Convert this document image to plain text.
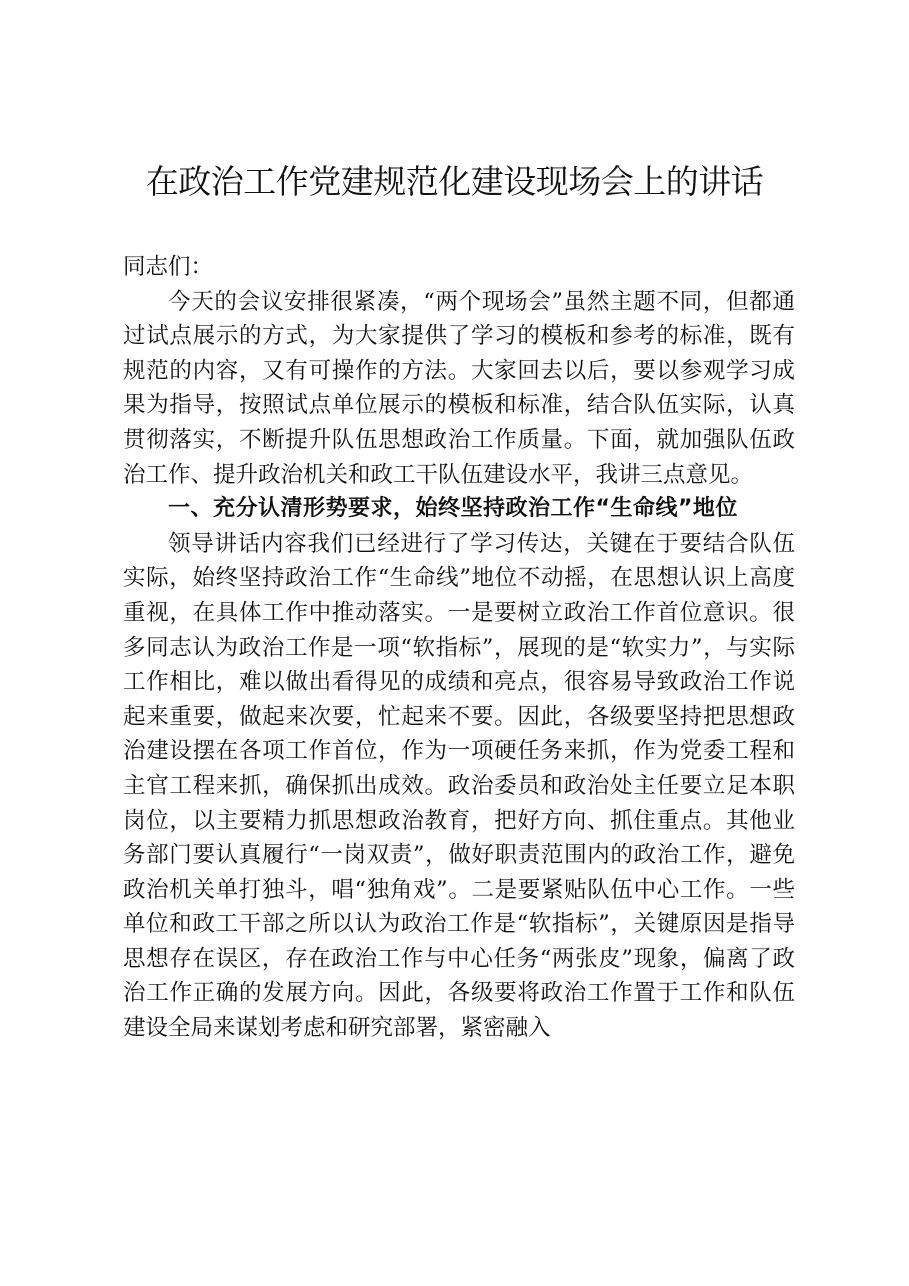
在政治工作党建规范化建设现场会上的讲话

同志们：

今天的会议安排很紧凑，“两个现场会”虽然主题不同，但都通过试点展示的方式，为大家提供了学习的模板和参考的标准，既有规范的内容，又有可操作的方法。大家回去以后，要以参观学习成果为指导，按照试点单位展示的模板和标准，结合队伍实际，认真贯彻落实，不断提升队伍思想政治工作质量。下面，就加强队伍政治工作、提升政治机关和政工干队伍建设水平，我讲三点意见。

一、充分认清形势要求，始终坚持政治工作“生命线”地位

领导讲话内容我们已经进行了学习传达，关键在于要结合队伍实际，始终坚持政治工作“生命线”地位不动摇，在思想认识上高度重视，在具体工作中推动落实。一是要树立政治工作首位意识。很多同志认为政治工作是一项“软指标”，展现的是“软实力”，与实际工作相比，难以做出看得见的成绩和亮点，很容易导致政治工作说起来重要，做起来次要，忙起来不要。因此，各级要坚持把思想政治建设摆在各项工作首位，作为一项硬任务来抓，作为党委工程和主官工程来抓，确保抓出成效。政治委员和政治处主任要立足本职岗位，以主要精力抓思想政治教育，把好方向、抓住重点。其他业务部门要认真履行“一岗双责”，做好职责范围内的政治工作，避免政治机关单打独斗，唱“独角戏”。二是要紧贴队伍中心工作。一些单位和政工干部之所以认为政治工作是“软指标”，关键原因是指导思想存在误区，存在政治工作与中心任务“两张皮”现象，偏离了政治工作正确的发展方向。因此，各级要将政治工作置于工作和队伍建设全局来谋划考虑和研究部署，紧密融入
